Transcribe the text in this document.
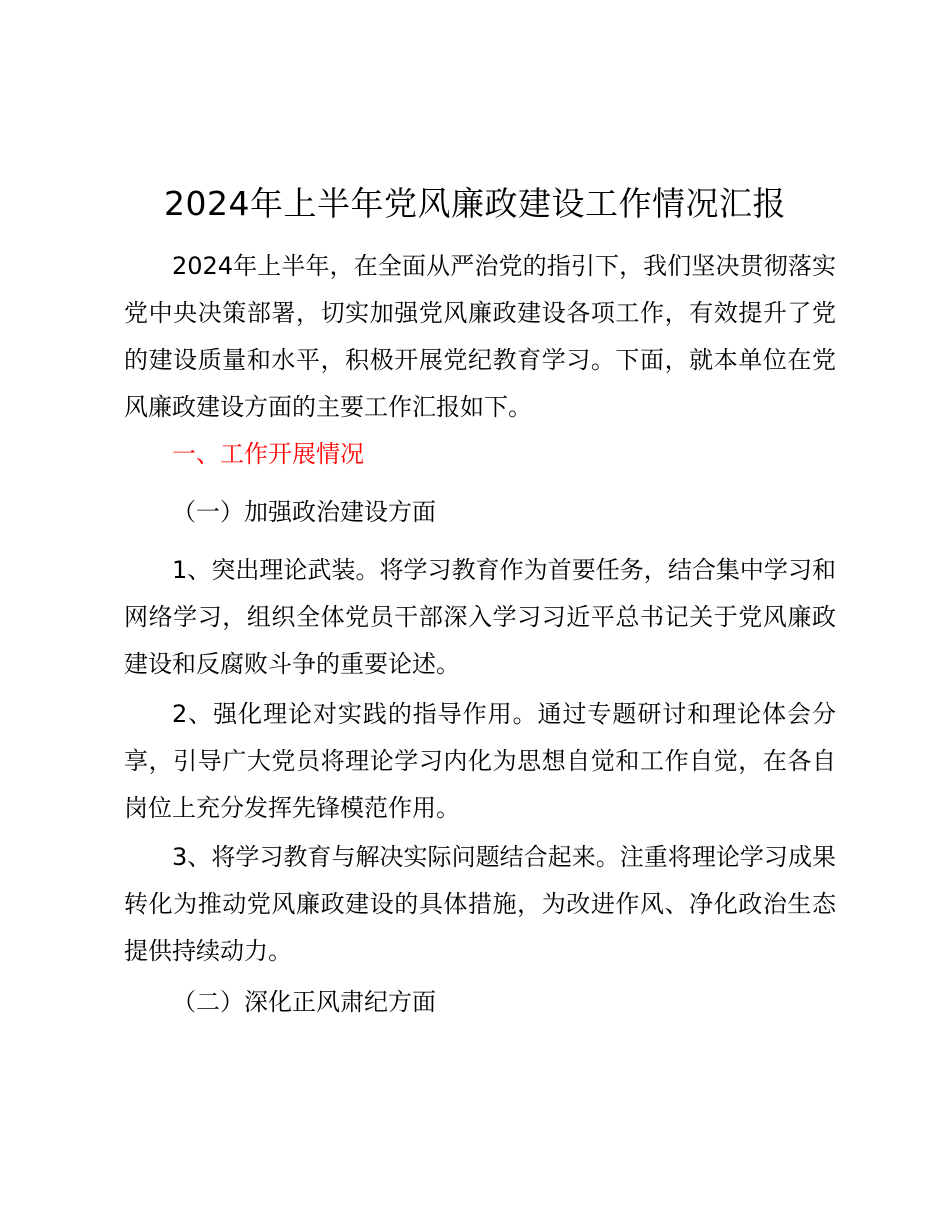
2024年上半年党风廉政建设工作情况汇报

2024年上半年，在全面从严治党的指引下，我们坚决贯彻落实党中央决策部署，切实加强党风廉政建设各项工作，有效提升了党的建设质量和水平，积极开展党纪教育学习。下面，就本单位在党风廉政建设方面的主要工作汇报如下。

一、工作开展情况

（一）加强政治建设方面

1、突出理论武装。将学习教育作为首要任务，结合集中学习和网络学习，组织全体党员干部深入学习习近平总书记关于党风廉政建设和反腐败斗争的重要论述。

2、强化理论对实践的指导作用。通过专题研讨和理论体会分享，引导广大党员将理论学习内化为思想自觉和工作自觉，在各自岗位上充分发挥先锋模范作用。

3、将学习教育与解决实际问题结合起来。注重将理论学习成果转化为推动党风廉政建设的具体措施，为改进作风、净化政治生态提供持续动力。

（二）深化正风肃纪方面
